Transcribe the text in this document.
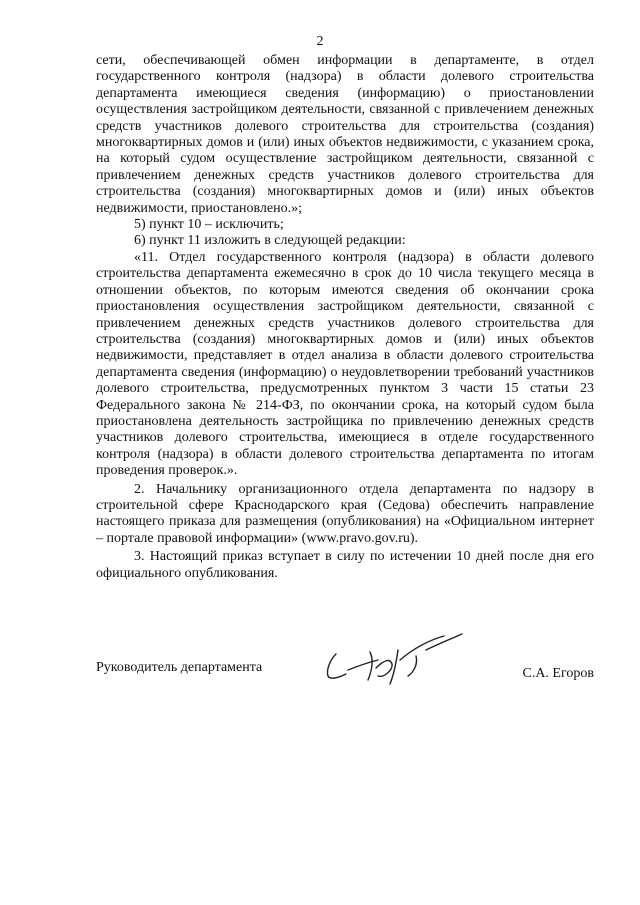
2

сети, обеспечивающей обмен информации в департаменте, в отдел государственного контроля (надзора) в области долевого строительства департамента имеющиеся сведения (информацию) о приостановлении осуществления застройщиком деятельности, связанной с привлечением денежных средств участников долевого строительства для строительства (создания) многоквартирных домов и (или) иных объектов недвижимости, с указанием срока, на который судом осуществление застройщиком деятельности, связанной с привлечением денежных средств участников долевого строительства для строительства (создания) многоквартирных домов и (или) иных объектов недвижимости, приостановлено.»;

5) пункт 10 – исключить;

6) пункт 11 изложить в следующей редакции:

«11. Отдел государственного контроля (надзора) в области долевого строительства департамента ежемесячно в срок до 10 числа текущего месяца в отношении объектов, по которым имеются сведения об окончании срока приостановления осуществления застройщиком деятельности, связанной с привлечением денежных средств участников долевого строительства для строительства (создания) многоквартирных домов и (или) иных объектов недвижимости, представляет в отдел анализа в области долевого строительства департамента сведения (информацию) о неудовлетворении требований участников долевого строительства, предусмотренных пунктом 3 части 15 статьи 23 Федерального закона № 214-ФЗ, по окончании срока, на который судом была приостановлена деятельность застройщика по привлечению денежных средств участников долевого строительства, имеющиеся в отделе государственного контроля (надзора) в области долевого строительства департамента по итогам проведения проверок.».

2. Начальнику организационного отдела департамента по надзору в строительной сфере Краснодарского края (Седова) обеспечить направление настоящего приказа для размещения (опубликования) на «Официальном интернет – портале правовой информации» (www.pravo.gov.ru).

3. Настоящий приказ вступает в силу по истечении 10 дней после дня его официального опубликования.

Руководитель департамента	С.А. Егоров
